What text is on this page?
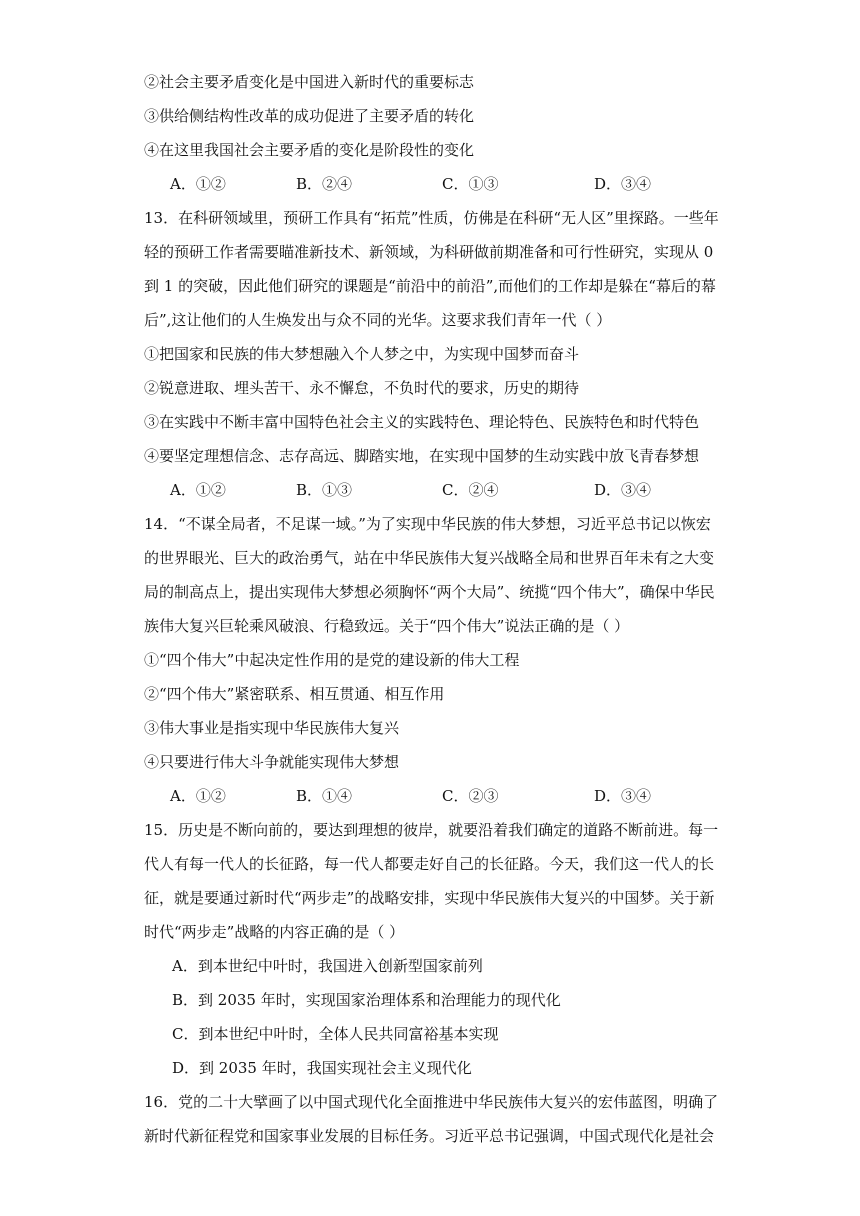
②社会主要矛盾变化是中国进入新时代的重要标志
③供给侧结构性改革的成功促进了主要矛盾的转化
④在这里我国社会主要矛盾的变化是阶段性的变化
A．①②	B．②④	C．①③	D．③④
13．在科研领域里，预研工作具有“拓荒”性质，仿佛是在科研“无人区”里探路。一些年
轻的预研工作者需要瞄准新技术、新领域，为科研做前期准备和可行性研究，实现从 0
到 1 的突破，因此他们研究的课题是“前沿中的前沿”,而他们的工作却是躲在“幕后的幕
后”,这让他们的人生焕发出与众不同的光华。这要求我们青年一代（ ）
①把国家和民族的伟大梦想融入个人梦之中，为实现中国梦而奋斗
②锐意进取、埋头苦干、永不懈怠，不负时代的要求，历史的期待
③在实践中不断丰富中国特色社会主义的实践特色、理论特色、民族特色和时代特色
④要坚定理想信念、志存高远、脚踏实地，在实现中国梦的生动实践中放飞青春梦想
A．①②	B．①③	C．②④	D．③④
14．“不谋全局者，不足谋一域。”为了实现中华民族的伟大梦想，习近平总书记以恢宏
的世界眼光、巨大的政治勇气，站在中华民族伟大复兴战略全局和世界百年未有之大变
局的制高点上，提出实现伟大梦想必须胸怀“两个大局”、统揽“四个伟大”，确保中华民
族伟大复兴巨轮乘风破浪、行稳致远。关于“四个伟大”说法正确的是（ ）
①“四个伟大”中起决定性作用的是党的建设新的伟大工程
②“四个伟大”紧密联系、相互贯通、相互作用
③伟大事业是指实现中华民族伟大复兴
④只要进行伟大斗争就能实现伟大梦想
A．①②	B．①④	C．②③	D．③④
15．历史是不断向前的，要达到理想的彼岸，就要沿着我们确定的道路不断前进。每一
代人有每一代人的长征路，每一代人都要走好自己的长征路。今天，我们这一代人的长
征，就是要通过新时代“两步走”的战略安排，实现中华民族伟大复兴的中国梦。关于新
时代“两步走”战略的内容正确的是（ ）
A．到本世纪中叶时，我国进入创新型国家前列
B．到 2035 年时，实现国家治理体系和治理能力的现代化
C．到本世纪中叶时，全体人民共同富裕基本实现
D．到 2035 年时，我国实现社会主义现代化
16．党的二十大擘画了以中国式现代化全面推进中华民族伟大复兴的宏伟蓝图，明确了
新时代新征程党和国家事业发展的目标任务。习近平总书记强调，中国式现代化是社会
